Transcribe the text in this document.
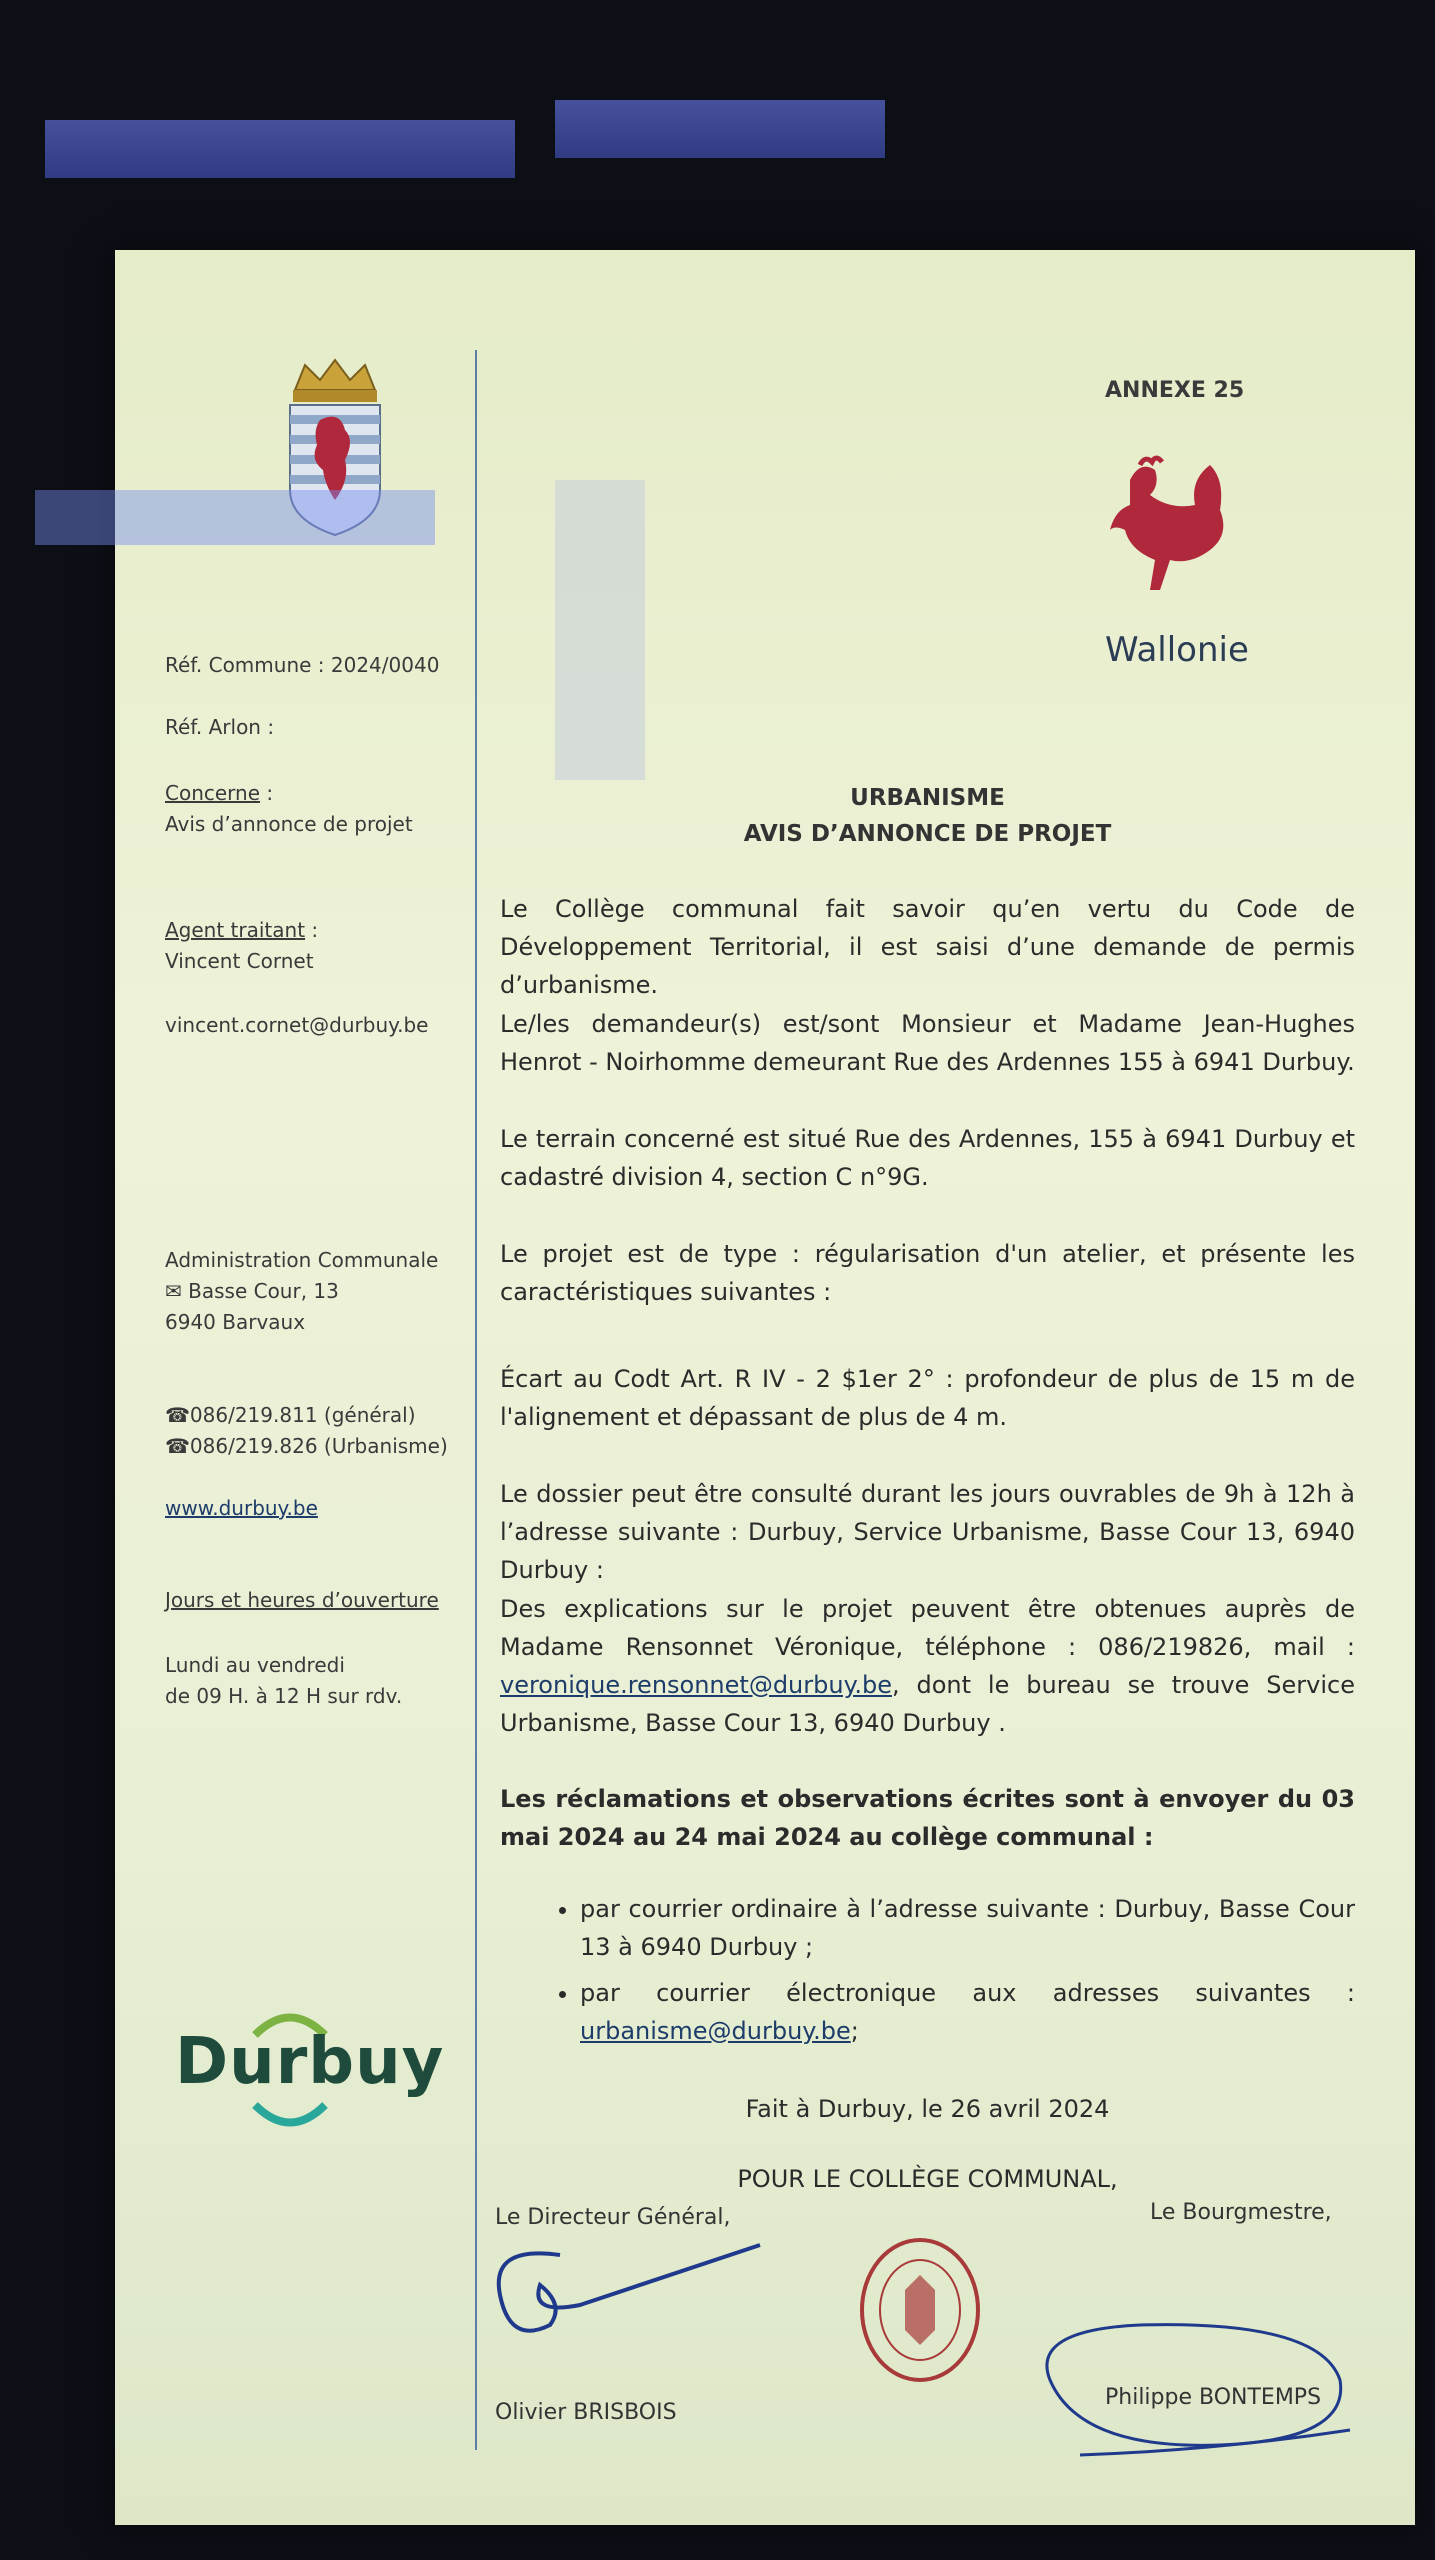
ANNEXE 25
Wallonie
Réf. Commune : 2024/0040
Réf. Arlon :
Concerne :
Avis d’annonce de projet
Agent traitant :
Vincent Cornet
vincent.cornet@durbuy.be
Administration Communale
✉ Basse Cour, 13
6940 Barvaux
☎086/219.811 (général)
☎086/219.826 (Urbanisme)
www.durbuy.be
Jours et heures d’ouverture
Lundi au vendredi
de 09 H. à 12 H sur rdv.
Durbuy
URBANISME
AVIS D’ANNONCE DE PROJET
Le Collège communal fait savoir qu’en vertu du Code de Développement Territorial, il est saisi d’une demande de permis d’urbanisme.
Le/les demandeur(s) est/sont Monsieur et Madame Jean-Hughes Henrot - Noirhomme demeurant Rue des Ardennes 155 à 6941 Durbuy.
Le terrain concerné est situé Rue des Ardennes, 155 à 6941 Durbuy et cadastré division 4, section C n°9G.
Le projet est de type : régularisation d'un atelier, et présente les caractéristiques suivantes :
Écart au Codt Art. R IV - 2 $1er 2° : profondeur de plus de 15 m de l'alignement et dépassant de plus de 4 m.
Le dossier peut être consulté durant les jours ouvrables de 9h à 12h à l’adresse suivante : Durbuy, Service Urbanisme, Basse Cour 13, 6940 Durbuy :
Des explications sur le projet peuvent être obtenues auprès de Madame Rensonnet Véronique, téléphone : 086/219826, mail : veronique.rensonnet@durbuy.be, dont le bureau se trouve Service Urbanisme, Basse Cour 13, 6940 Durbuy .
Les réclamations et observations écrites sont à envoyer du 03 mai 2024 au 24 mai 2024 au collège communal :
• par courrier ordinaire à l’adresse suivante : Durbuy, Basse Cour 13 à 6940 Durbuy ;
• par courrier électronique aux adresses suivantes : urbanisme@durbuy.be;
Fait à Durbuy, le 26 avril 2024
POUR LE COLLÈGE COMMUNAL,
Le Directeur Général,
Olivier BRISBOIS
Le Bourgmestre,
Philippe BONTEMPS
